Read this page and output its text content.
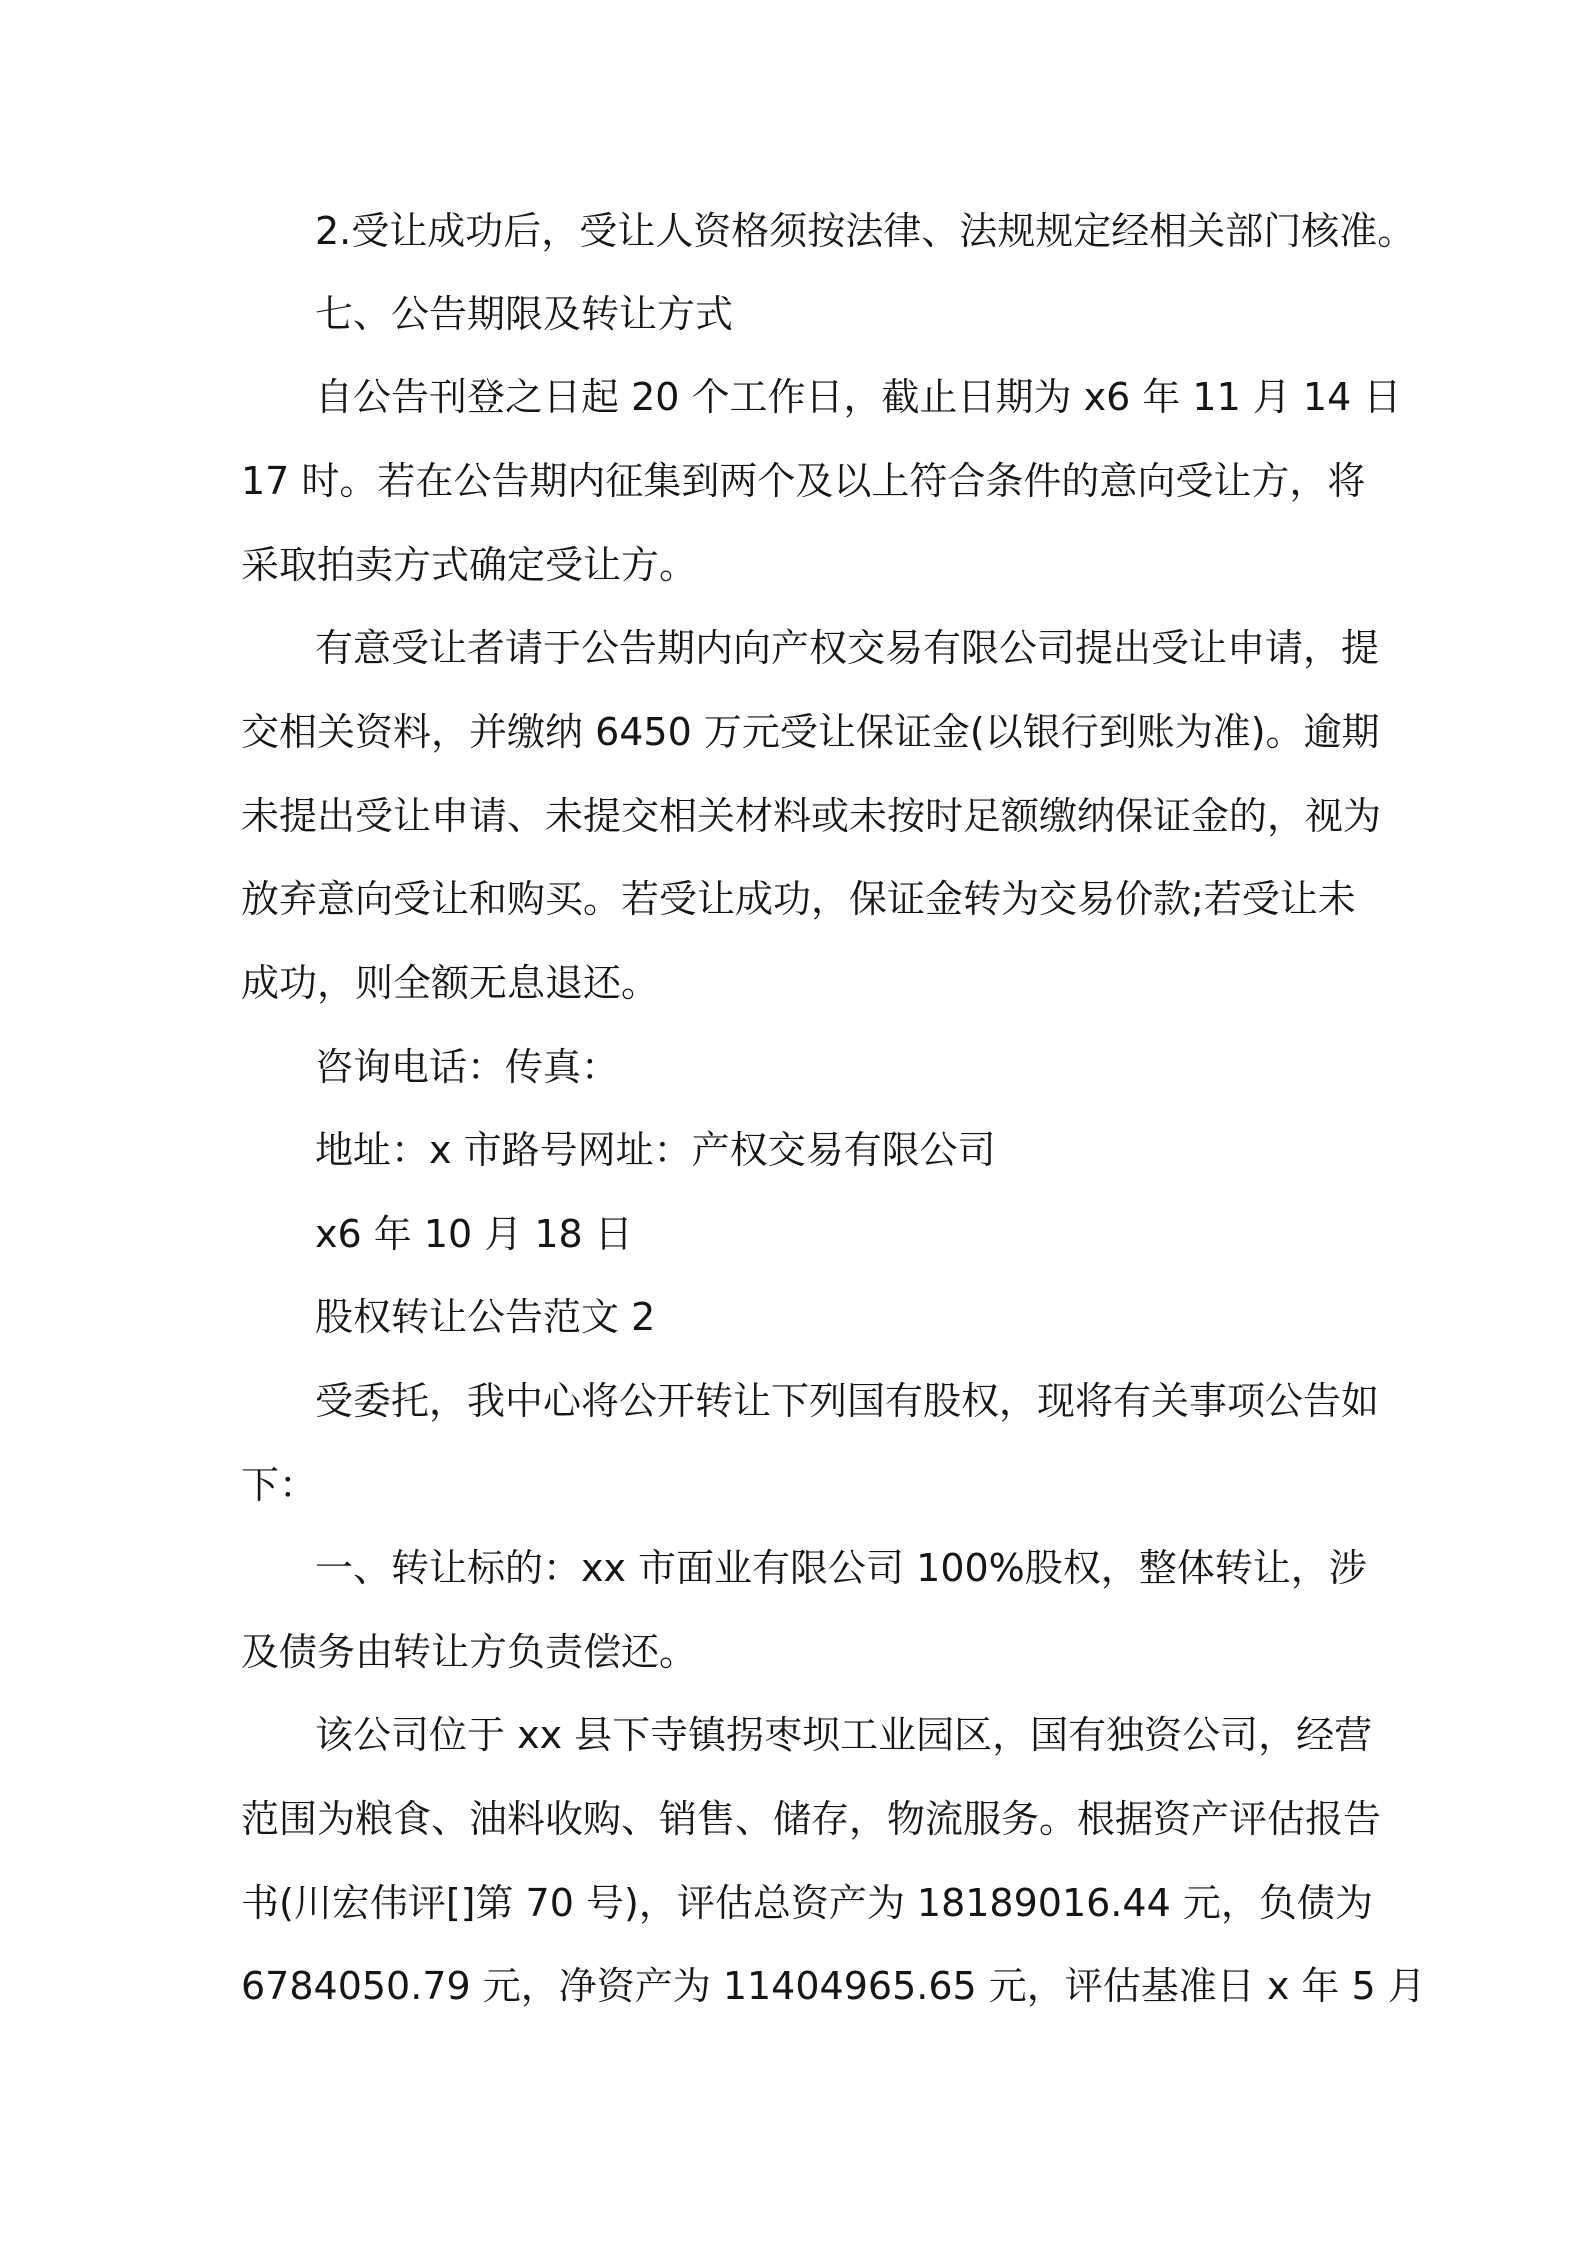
2.受让成功后，受让人资格须按法律、法规规定经相关部门核准。
七、公告期限及转让方式
自公告刊登之日起 20 个工作日，截止日期为 x6 年 11 月 14 日
17 时。若在公告期内征集到两个及以上符合条件的意向受让方，将
采取拍卖方式确定受让方。
有意受让者请于公告期内向产权交易有限公司提出受让申请，提
交相关资料，并缴纳 6450 万元受让保证金(以银行到账为准)。逾期
未提出受让申请、未提交相关材料或未按时足额缴纳保证金的，视为
放弃意向受让和购买。若受让成功，保证金转为交易价款;若受让未
成功，则全额无息退还。
咨询电话：传真：
地址：x 市路号网址：产权交易有限公司
x6 年 10 月 18 日
股权转让公告范文 2
受委托，我中心将公开转让下列国有股权，现将有关事项公告如
下：
一、转让标的：xx 市面业有限公司 100%股权，整体转让，涉
及债务由转让方负责偿还。
该公司位于 xx 县下寺镇拐枣坝工业园区，国有独资公司，经营
范围为粮食、油料收购、销售、储存，物流服务。根据资产评估报告
书(川宏伟评[]第 70 号)，评估总资产为 18189016.44 元，负债为
6784050.79 元，净资产为 11404965.65 元，评估基准日 x 年 5 月
